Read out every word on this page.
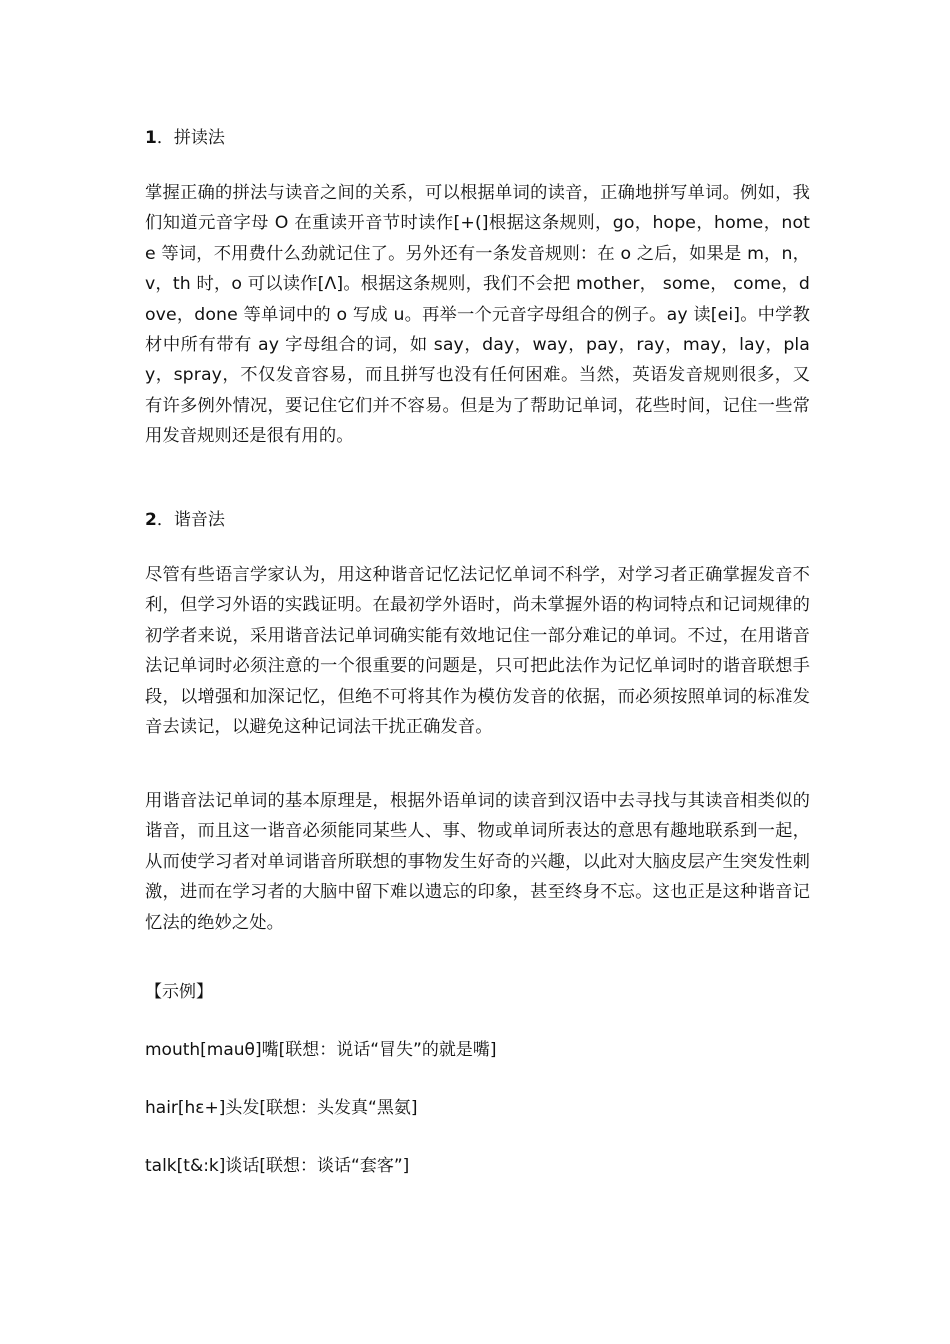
1．拼读法
掌握正确的拼法与读音之间的关系，可以根据单词的读音，正确地拼写单词。例如，我们知道元音字母 O 在重读开音节时读作[+(]根据这条规则，go，hope，home，note 等词，不用费什么劲就记住了。另外还有一条发音规则：在 o 之后，如果是 m，n，v，th 时，o 可以读作[Λ]。根据这条规则，我们不会把 mother， some， come，dove，done 等单词中的 o 写成 u。再举一个元音字母组合的例子。ay 读[ei]。中学教材中所有带有 ay 字母组合的词，如 say，day，way，pay，ray，may，lay，play，spray，不仅发音容易，而且拼写也没有任何困难。当然，英语发音规则很多，又有许多例外情况，要记住它们并不容易。但是为了帮助记单词，花些时间，记住一些常用发音规则还是很有用的。
2．谐音法
尽管有些语言学家认为，用这种谐音记忆法记忆单词不科学，对学习者正确掌握发音不利，但学习外语的实践证明。在最初学外语时，尚未掌握外语的构词特点和记词规律的初学者来说，采用谐音法记单词确实能有效地记住一部分难记的单词。不过，在用谐音法记单词时必须注意的一个很重要的问题是，只可把此法作为记忆单词时的谐音联想手段，以增强和加深记忆，但绝不可将其作为模仿发音的依据，而必须按照单词的标准发音去读记，以避免这种记词法干扰正确发音。
用谐音法记单词的基本原理是，根据外语单词的读音到汉语中去寻找与其读音相类似的谐音，而且这一谐音必须能同某些人、事、物或单词所表达的意思有趣地联系到一起，从而使学习者对单词谐音所联想的事物发生好奇的兴趣，以此对大脑皮层产生突发性刺激，进而在学习者的大脑中留下难以遗忘的印象，甚至终身不忘。这也正是这种谐音记忆法的绝妙之处。
【示例】
mouth[mauθ]嘴[联想：说话“冒失”的就是嘴]
hair[hε+]头发[联想：头发真“黑氨]
talk[t&:k]谈话[联想：谈话“套客”]
